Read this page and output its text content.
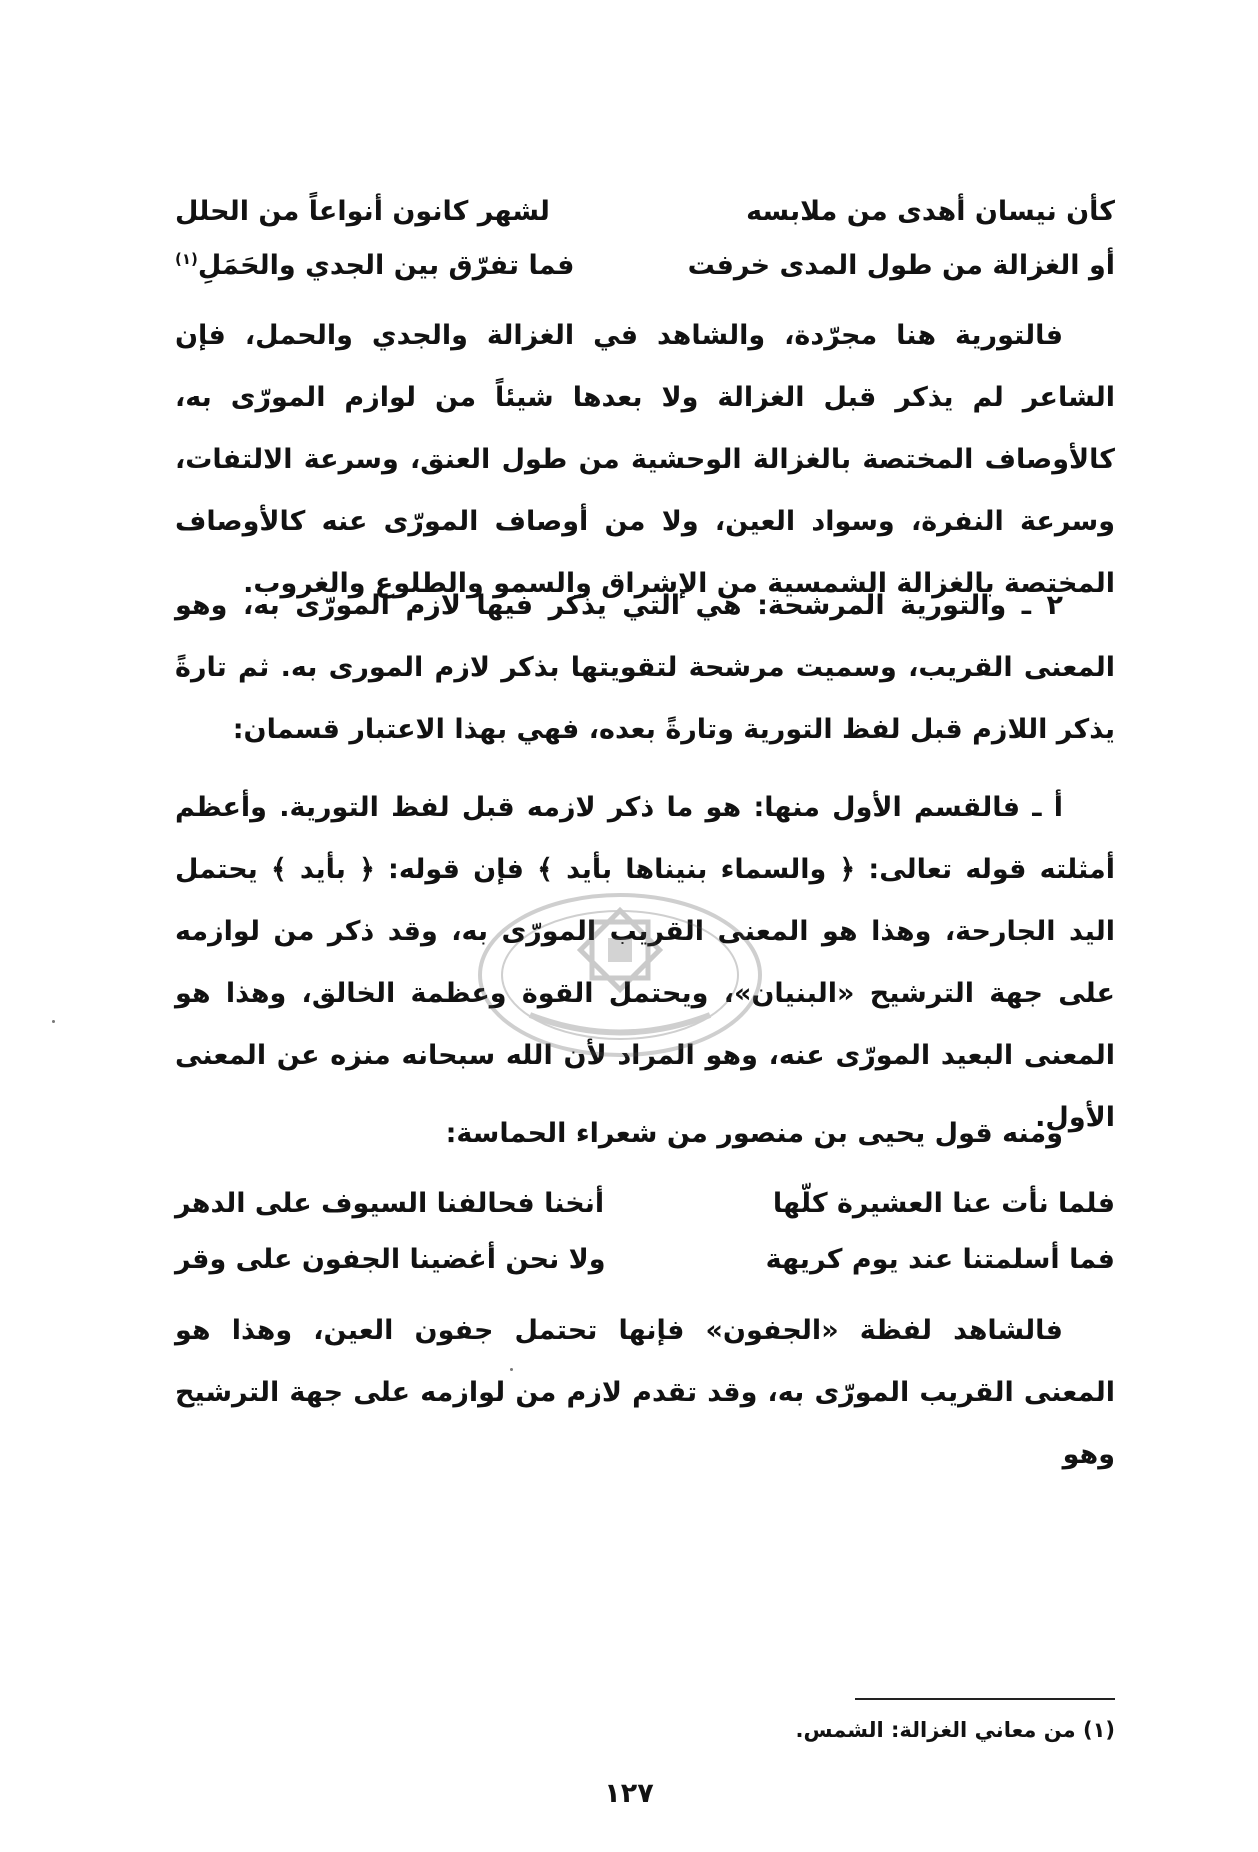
كأن نيسان أهدى من ملابسه
لشهر كانون أنواعاً من الحلل
أو الغزالة من طول المدى خرفت
فما تفرّق بين الجدي والحَمَلِ$^{(١)}$

فالتورية هنا مجرّدة، والشاهد في الغزالة والجدي والحمل، فإن الشاعر لم يذكر قبل الغزالة ولا بعدها شيئاً من لوازم المورّى به، كالأوصاف المختصة بالغزالة الوحشية من طول العنق، وسرعة الالتفات، وسرعة النفرة، وسواد العين، ولا من أوصاف المورّى عنه كالأوصاف المختصة بالغزالة الشمسية من الإشراق والسمو والطلوع والغروب.

٢ ـ والتورية المرشحة: هي التي يذكر فيها لازم المورّى به، وهو المعنى القريب، وسميت مرشحة لتقويتها بذكر لازم المورى به. ثم تارةً يذكر اللازم قبل لفظ التورية وتارةً بعده، فهي بهذا الاعتبار قسمان:

أ ـ فالقسم الأول منها: هو ما ذكر لازمه قبل لفظ التورية. وأعظم أمثلته قوله تعالى: ﴿ والسماء بنيناها بأيد ﴾ فإن قوله: ﴿ بأيد ﴾ يحتمل اليد الجارحة، وهذا هو المعنى القريب المورّى به، وقد ذكر من لوازمه على جهة الترشيح «البنيان»، ويحتمل القوة وعظمة الخالق، وهذا هو المعنى البعيد المورّى عنه، وهو المراد لأن الله سبحانه منزه عن المعنى الأول.

ومنه قول يحيى بن منصور من شعراء الحماسة:

فلما نأت عنا العشيرة كلّها
أنخنا فحالفنا السيوف على الدهر
فما أسلمتنا عند يوم كريهة
ولا نحن أغضينا الجفون على وقر

فالشاهد لفظة «الجفون» فإنها تحتمل جفون العين، وهذا هو المعنى القريب المورّى به، وقد تقدم لازم من لوازمه على جهة الترشيح وهو

(١) من معاني الغزالة: الشمس.
١٢٧
